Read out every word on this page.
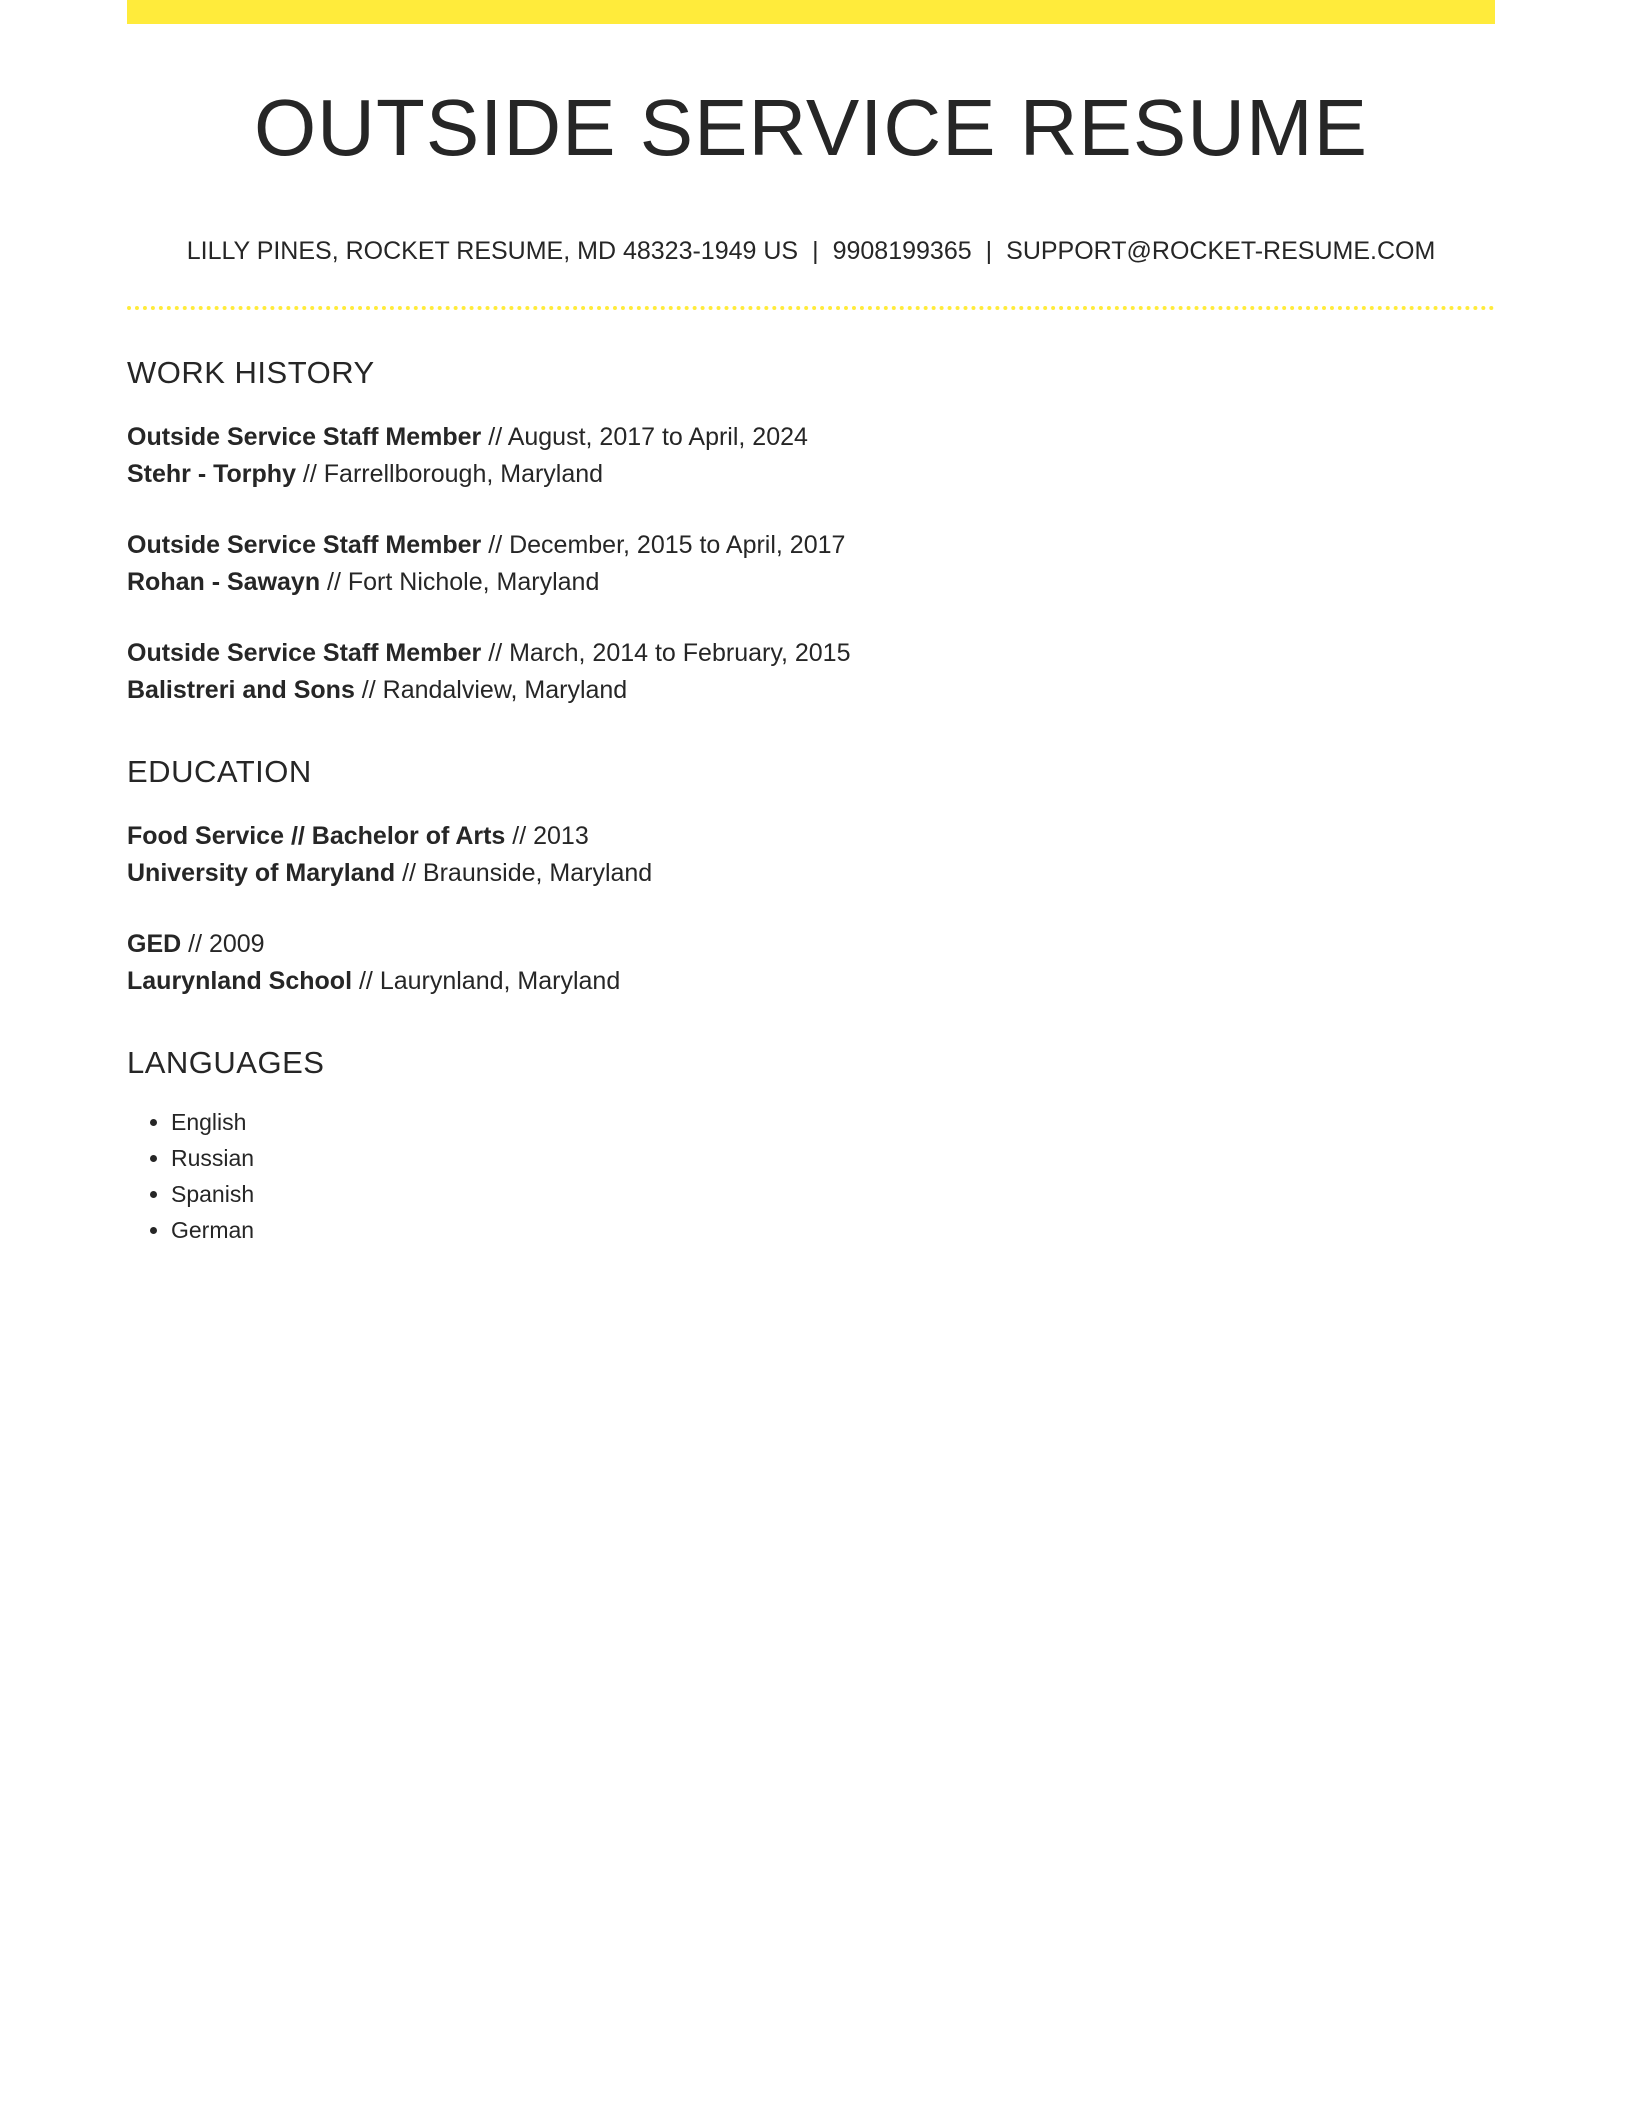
OUTSIDE SERVICE RESUME
LILLY PINES, ROCKET RESUME, MD 48323-1949 US | 9908199365 | SUPPORT@ROCKET-RESUME.COM
WORK HISTORY
Outside Service Staff Member // August, 2017 to April, 2024
Stehr - Torphy // Farrellborough, Maryland
Outside Service Staff Member // December, 2015 to April, 2017
Rohan - Sawayn // Fort Nichole, Maryland
Outside Service Staff Member // March, 2014 to February, 2015
Balistreri and Sons // Randalview, Maryland
EDUCATION
Food Service // Bachelor of Arts // 2013
University of Maryland // Braunside, Maryland
GED // 2009
Laurynland School // Laurynland, Maryland
LANGUAGES
• English
• Russian
• Spanish
• German
